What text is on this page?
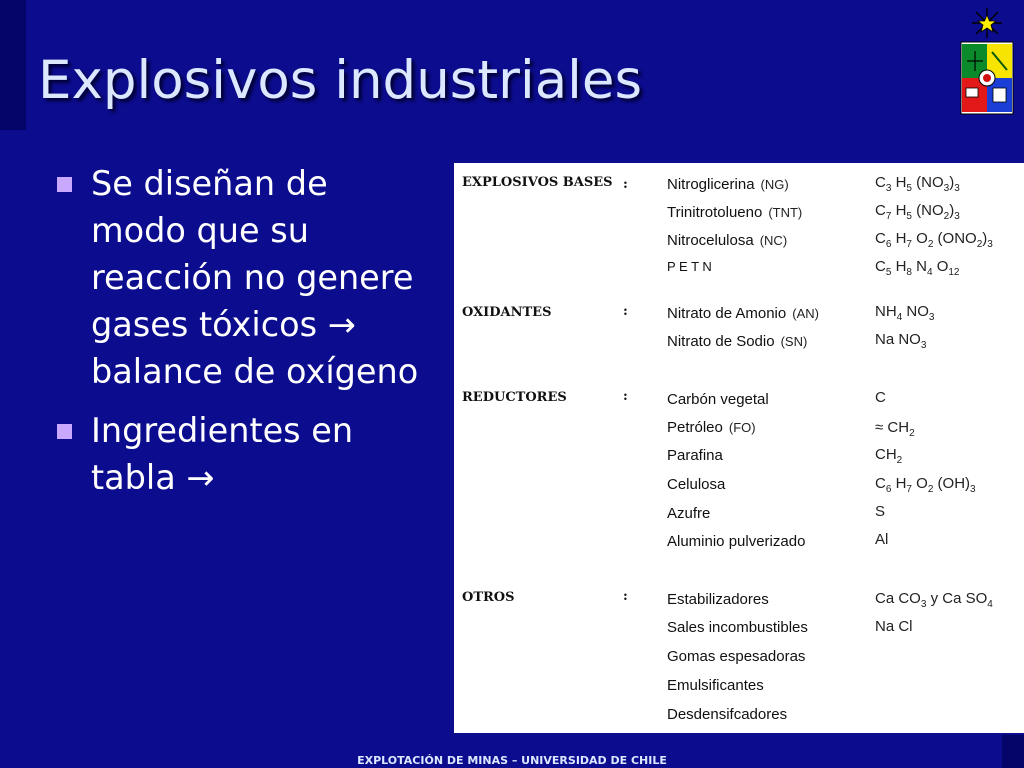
Explosivos industriales
Se diseñan de modo que su reacción no genere gases tóxicos → balance de oxígeno
Ingredientes en tabla →
EXPLOSIVOS BASES :	Nitroglicerina (NG)	$C_3$ $H_5$ $(NO_3)_3$
Trinitrotolueno (TNT)	$C_7$ $H_5$ $(NO_2)_3$
Nitrocelulosa (NC)	$C_6$ $H_7$ $O_2$ $(ONO_2)_3$
P E T N	$C_5$ $H_8$ $N_4$ $O_{12}$
OXIDANTES	:	Nitrato de Amonio (AN)	$NH_4$ $NO_3$
Nitrato de Sodio (SN)	Na $NO_3$
REDUCTORES	:	Carbón vegetal	C
Petróleo (FO)	≈ $CH_2$
Parafina	$CH_2$
Celulosa	$C_6$ $H_7$ $O_2$ $(OH)_3$
Azufre	S
Aluminio pulverizado	Al
OTROS	:	Estabilizadores	Ca $CO_3$ y Ca $SO_4$
Sales incombustibles	Na Cl
Gomas espesadoras
Emulsificantes
Desdensifcadores
EXPLOTACIÓN DE MINAS – UNIVERSIDAD DE CHILE
